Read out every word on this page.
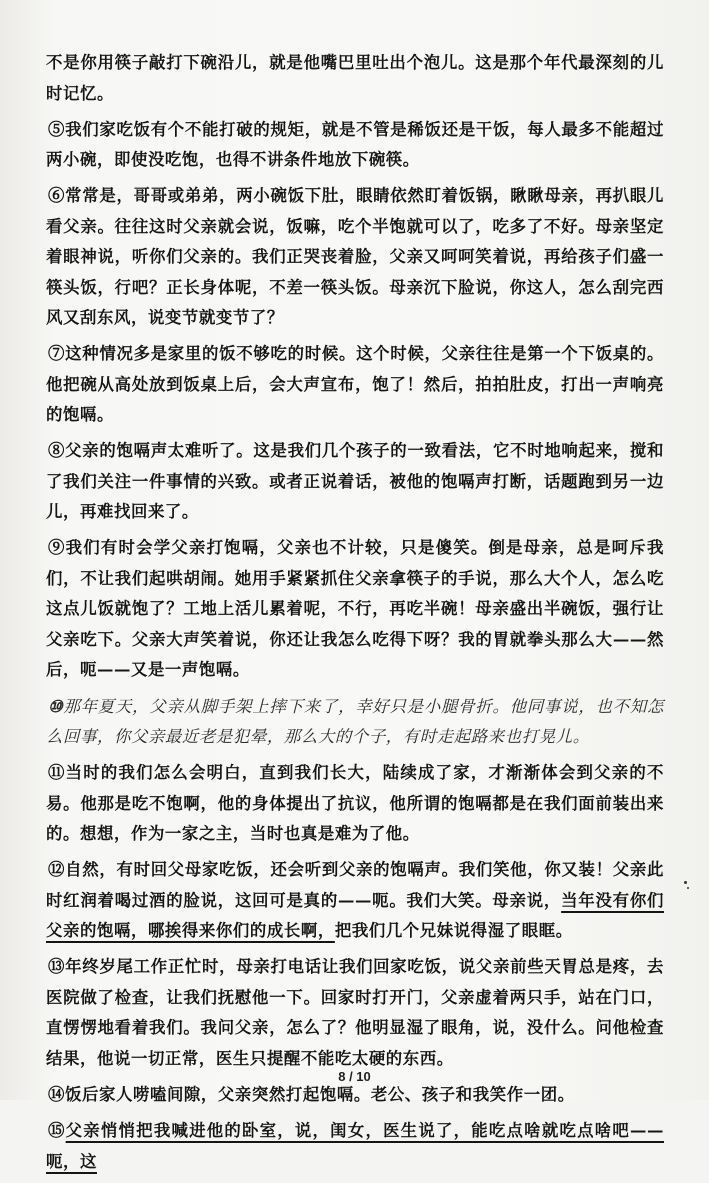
不是你用筷子敲打下碗沿儿，就是他嘴巴里吐出个泡儿。这是那个年代最深刻的儿时记忆。

⑤我们家吃饭有个不能打破的规矩，就是不管是稀饭还是干饭，每人最多不能超过两小碗，即使没吃饱，也得不讲条件地放下碗筷。

⑥常常是，哥哥或弟弟，两小碗饭下肚，眼睛依然盯着饭锅，瞅瞅母亲，再扒眼儿看父亲。往往这时父亲就会说，饭嘛，吃个半饱就可以了，吃多了不好。母亲坚定着眼神说，听你们父亲的。我们正哭丧着脸，父亲又呵呵笑着说，再给孩子们盛一筷头饭，行吧？正长身体呢，不差一筷头饭。母亲沉下脸说，你这人，怎么刮完西风又刮东风，说变节就变节了？

⑦这种情况多是家里的饭不够吃的时候。这个时候，父亲往往是第一个下饭桌的。他把碗从高处放到饭桌上后，会大声宣布，饱了！然后，拍拍肚皮，打出一声响亮的饱嗝。

⑧父亲的饱嗝声太难听了。这是我们几个孩子的一致看法，它不时地响起来，搅和了我们关注一件事情的兴致。或者正说着话，被他的饱嗝声打断，话题跑到另一边儿，再难找回来了。

⑨我们有时会学父亲打饱嗝，父亲也不计较，只是傻笑。倒是母亲，总是呵斥我们，不让我们起哄胡闹。她用手紧紧抓住父亲拿筷子的手说，那么大个人，怎么吃这点儿饭就饱了？工地上活儿累着呢，不行，再吃半碗！母亲盛出半碗饭，强行让父亲吃下。父亲大声笑着说，你还让我怎么吃得下呀？我的胃就拳头那么大——然后，呃——又是一声饱嗝。

⑩那年夏天，父亲从脚手架上摔下来了，幸好只是小腿骨折。他同事说，也不知怎么回事，你父亲最近老是犯晕，那么大的个子，有时走起路来也打晃儿。

⑪当时的我们怎么会明白，直到我们长大，陆续成了家，才渐渐体会到父亲的不易。他那是吃不饱啊，他的身体提出了抗议，他所谓的饱嗝都是在我们面前装出来的。想想，作为一家之主，当时也真是难为了他。

⑫自然，有时回父母家吃饭，还会听到父亲的饱嗝声。我们笑他，你又装！父亲此时红润着喝过酒的脸说，这回可是真的——呃。我们大笑。母亲说，当年没有你们父亲的饱嗝，哪挨得来你们的成长啊，把我们几个兄妹说得湿了眼眶。

⑬年终岁尾工作正忙时，母亲打电话让我们回家吃饭，说父亲前些天胃总是疼，去医院做了检查，让我们抚慰他一下。回家时打开门，父亲虚着两只手，站在门口，直愣愣地看着我们。我问父亲，怎么了？他明显湿了眼角，说，没什么。问他检查结果，他说一切正常，医生只提醒不能吃太硬的东西。

⑭饭后家人唠嗑间隙，父亲突然打起饱嗝。老公、孩子和我笑作一团。

⑮父亲悄悄把我喊进他的卧室，说，闺女，医生说了，能吃点啥就吃点啥吧——呃，这

8 / 10
